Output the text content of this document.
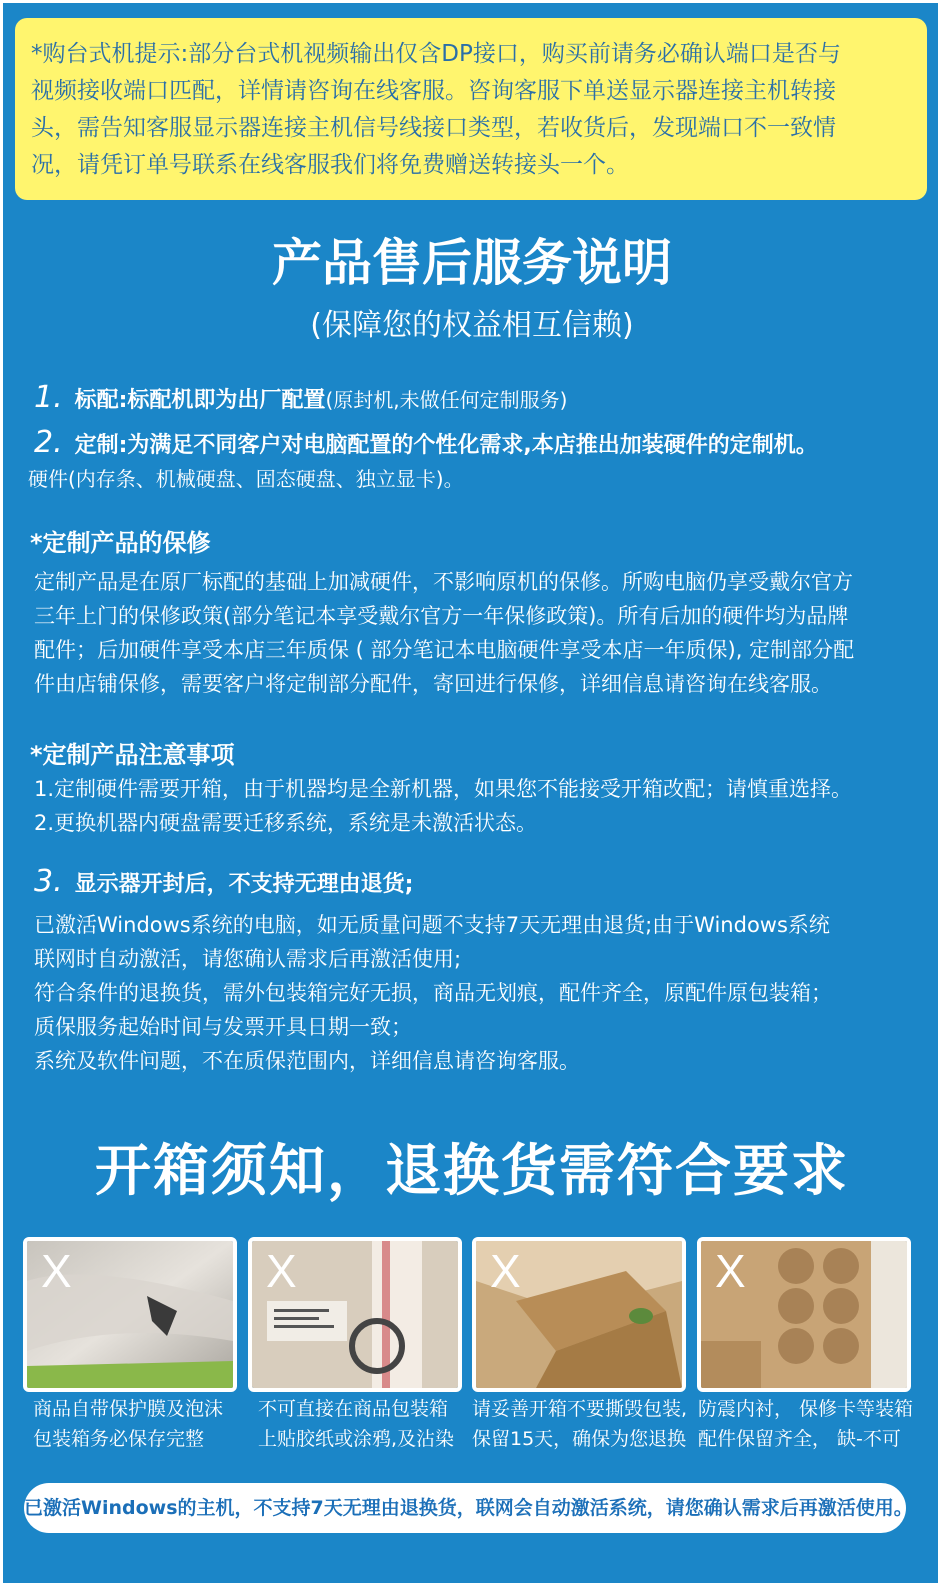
*购台式机提示:部分台式机视频输出仅含DP接口，购买前请务必确认端口是否与
视频接收端口匹配，详情请咨询在线客服。咨询客服下单送显示器连接主机转接
头，需告知客服显示器连接主机信号线接口类型，若收货后，发现端口不一致情
况，请凭订单号联系在线客服我们将免费赠送转接头一个。
产品售后服务说明
(保障您的权益相互信赖)
1. 标配:标配机即为出厂配置(原封机,未做任何定制服务)
2. 定制:为满足不同客户对电脑配置的个性化需求,本店推出加装硬件的定制机。
硬件(内存条、机械硬盘、固态硬盘、独立显卡)。
*定制产品的保修
定制产品是在原厂标配的基础上加减硬件，不影响原机的保修。所购电脑仍享受戴尔官方
三年上门的保修政策(部分笔记本享受戴尔官方一年保修政策)。所有后加的硬件均为品牌
配件；后加硬件享受本店三年质保 ( 部分笔记本电脑硬件享受本店一年质保), 定制部分配
件由店铺保修，需要客户将定制部分配件，寄回进行保修，详细信息请咨询在线客服。
*定制产品注意事项
1.定制硬件需要开箱，由于机器均是全新机器，如果您不能接受开箱改配；请慎重选择。
2.更换机器内硬盘需要迁移系统，系统是未激活状态。
3. 显示器开封后，不支持无理由退货;
已激活Windows系统的电脑，如无质量问题不支持7天无理由退货;由于Windows系统
联网时自动激活，请您确认需求后再激活使用;
符合条件的退换货，需外包装箱完好无损，商品无划痕，配件齐全，原配件原包装箱；
质保服务起始时间与发票开具日期一致；
系统及软件问题，不在质保范围内，详细信息请咨询客服。
开箱须知，退换货需符合要求
X	X	X	X
商品自带保护膜及泡沫
包装箱务必保存完整
不可直接在商品包装箱
上贴胶纸或涂鸦,及沾染
请妥善开箱不要撕毁包装,
保留15天，确保为您退换
防震内衬， 保修卡等装箱
配件保留齐全， 缺-不可
已激活Windows的主机，不支持7天无理由退换货，联网会自动激活系统，请您确认需求后再激活使用。
